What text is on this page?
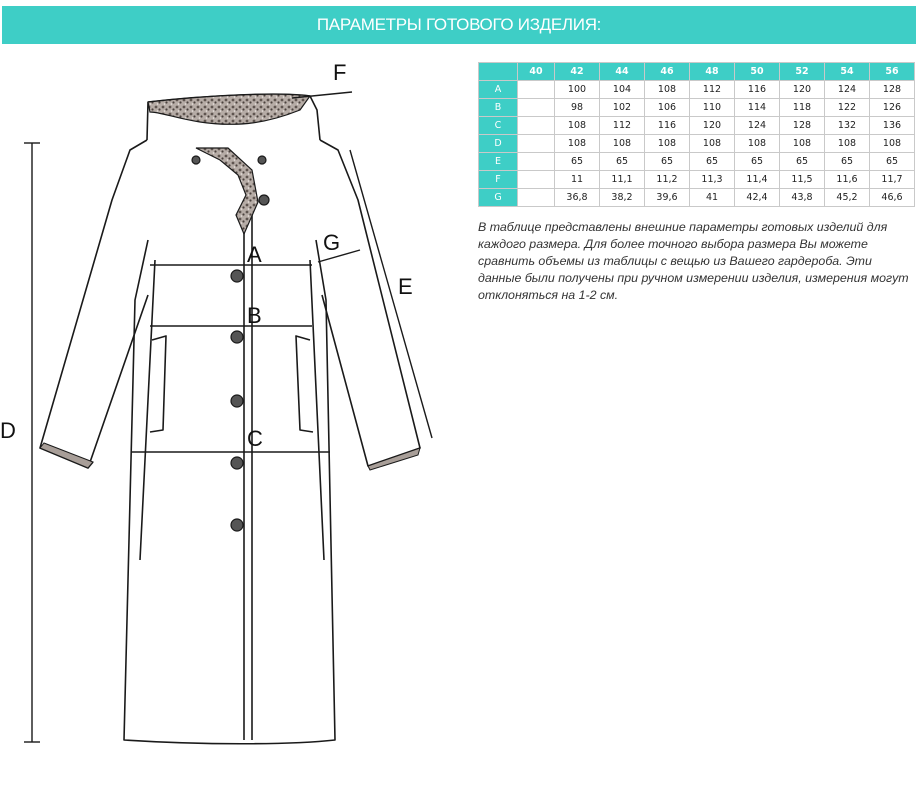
ПАРАМЕТРЫ ГОТОВОГО ИЗДЕЛИЯ:
A
B
C
D
E
F
G
	40	42	44	46	48	50	52	54	56
A		100	104	108	112	116	120	124	128
B		98	102	106	110	114	118	122	126
C		108	112	116	120	124	128	132	136
D		108	108	108	108	108	108	108	108
E		65	65	65	65	65	65	65	65
F		11	11,1	11,2	11,3	11,4	11,5	11,6	11,7
G		36,8	38,2	39,6	41	42,4	43,8	45,2	46,6

В таблице представлены внешние параметры готовых изделий для каждого размера. Для более точного выбора размера Вы можете сравнить объемы из таблицы с вещью из Вашего гардероба. Эти данные были получены при ручном измерении изделия, измерения могут отклоняться на 1-2 см.
